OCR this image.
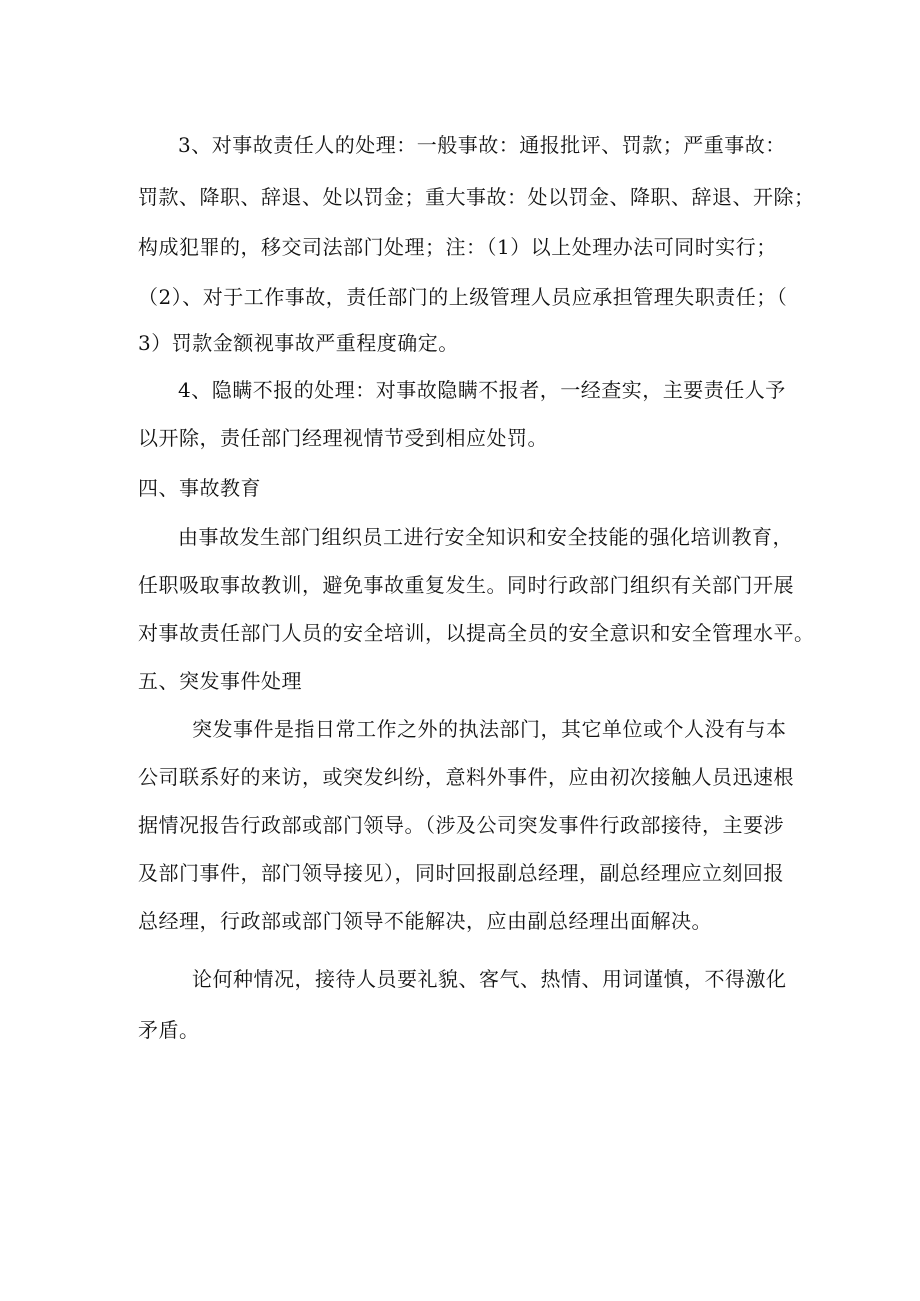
3、对事故责任人的处理：一般事故：通报批评、罚款；严重事故：
罚款、降职、辞退、处以罚金；重大事故：处以罚金、降职、辞退、开除；
构成犯罪的，移交司法部门处理；注：（1）以上处理办法可同时实行；
（2）、对于工作事故，责任部门的上级管理人员应承担管理失职责任；（
3）罚款金额视事故严重程度确定。
4、隐瞒不报的处理：对事故隐瞒不报者，一经查实，主要责任人予
以开除，责任部门经理视情节受到相应处罚。
四、事故教育
由事故发生部门组织员工进行安全知识和安全技能的强化培训教育，
任职吸取事故教训，避免事故重复发生。同时行政部门组织有关部门开展
对事故责任部门人员的安全培训，以提高全员的安全意识和安全管理水平。
五、突发事件处理
突发事件是指日常工作之外的执法部门，其它单位或个人没有与本
公司联系好的来访，或突发纠纷，意料外事件，应由初次接触人员迅速根
据情况报告行政部或部门领导。（涉及公司突发事件行政部接待，主要涉
及部门事件，部门领导接见），同时回报副总经理，副总经理应立刻回报
总经理，行政部或部门领导不能解决，应由副总经理出面解决。
论何种情况，接待人员要礼貌、客气、热情、用词谨慎，不得激化
矛盾。
